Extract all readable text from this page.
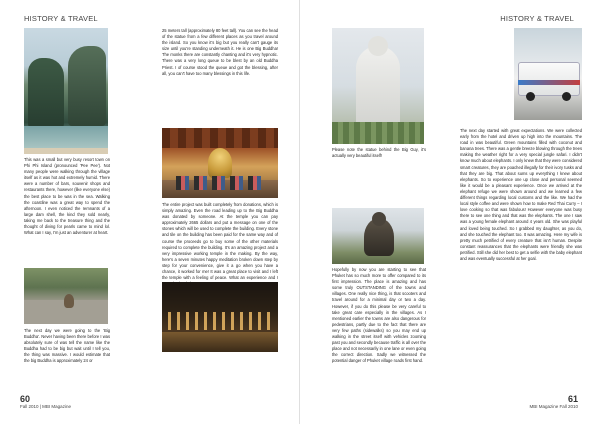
HISTORY & TRAVEL

This was a small but very busy resort town on Phi Phi Island (pronounced 'Pee Pee'). Not many people were walking through the village itself as it was hot and extremely humid. There were a number of bars, souvenir shops and restaurants there, however (like everyone else) the best place to be was in the sea. Walking the coastline was a great way to spend the afternoon. I even noticed the remnants of a large dam shell, the kind they sold nearly, taking me back to the treasure thing and the thought of diving for pearls came to mind lol. What can I say, I'm just an adventurer at heart.

The next day we were going to the 'Big Buddha'. Never having been there before I was absolutely sure of was tell the name like the Buddha had to be big but wait until I tell you, the thing was massive. I would estimate that the big Buddha is approximately 24 or

25 meters tall (approximately 80 feet tall). You can see the head of the statue from a few different places as you travel around the island. So you know it's big but you really can't gauge its size until you're standing underneath it. He is one Big Buddha! The monks there are constantly chanting and it's very hypnotic. There was a very long queue to be blest by an old Buddha Priest. I of course stood the queue and got the blessing, after all, you can't have too many blessings in this life.

The entire project was built completely from donations, which is simply amazing. Even the road leading up to the Big Buddha was donated by someone. At the temple you can pay approximately 2665 dollars and put a message on one of the stones which will be used to complete the building. Every stone and tile on the building has been paid for the same way and of course the proceeds go to buy some of the other materials required to complete the building. It's an amazing project and a very impressive working temple in the making. By the way, here's a seven minutes happy meditation broken down step by step for your convenience, give it a go when you have a chance, it worked for me! It was a great place to visit and I left the temple with a feeling of peace. What an experience and I

60
Fall 2010 | MBI Magazine
HISTORY & TRAVEL

Please note the statue behind the Big Guy, it's actually very beautiful itself!

Hopefully by now you are starting to see that Phuket has so much more to offer compared to its first impression. The place is amazing and has some truly OUTSTANDING of the towns and villages. One really nice thing, is that scooters and travel around for a minimal day or two a day. However, if you do this please be very careful to take great care especially in the villages. As I mentioned earlier the towns are also dangerous for pedestrians, partly due to the fact that there are very few paths (sidewalks) so you may end up walking in the street itself with vehicles zooming past you and secondly because traffic is all over the place and not necessarily in one lane or even going the correct direction. Sadly we witnessed the potential danger of Phuket village roads first hand.

The next day started with great expectations. We were collected early from the hotel and driven up high into the mountains. The road in was beautiful. Green mountains filled with coconut and banana trees. There was a gentle breeze blowing through the trees making the weather right for a very special jungle safari. I didn't know much about elephants. I only knew that they were considered smart creatures, they are poached illegally for their ivory tusks and that they are big. That about sums up everything I knew about elephants. So to experience one up close and personal seemed like it would be a pleasant experience. Once we arrived at the elephant refuge we were shown around and we learned a few different things regarding local customs and the like. We had the local style coffee and were shown how to make Red Thai Curry – I love cooking so that was fabulous! However everyone was busy there to see one thing and that was the elephants. The one I saw was a young female elephant around 4 years old. She was playful and loved being touched. So I grabbed my daughter, as you do, and she touched the elephant too. It was amazing. Here my wife is pretty much petrified of every creature that isn't human. Despite constant reassurances that the elephants were friendly she was petrified. Still she did her best to get a selfie with the baby elephant and was eventually successful at her goal.

61
MBI Magazine Fall 2010
